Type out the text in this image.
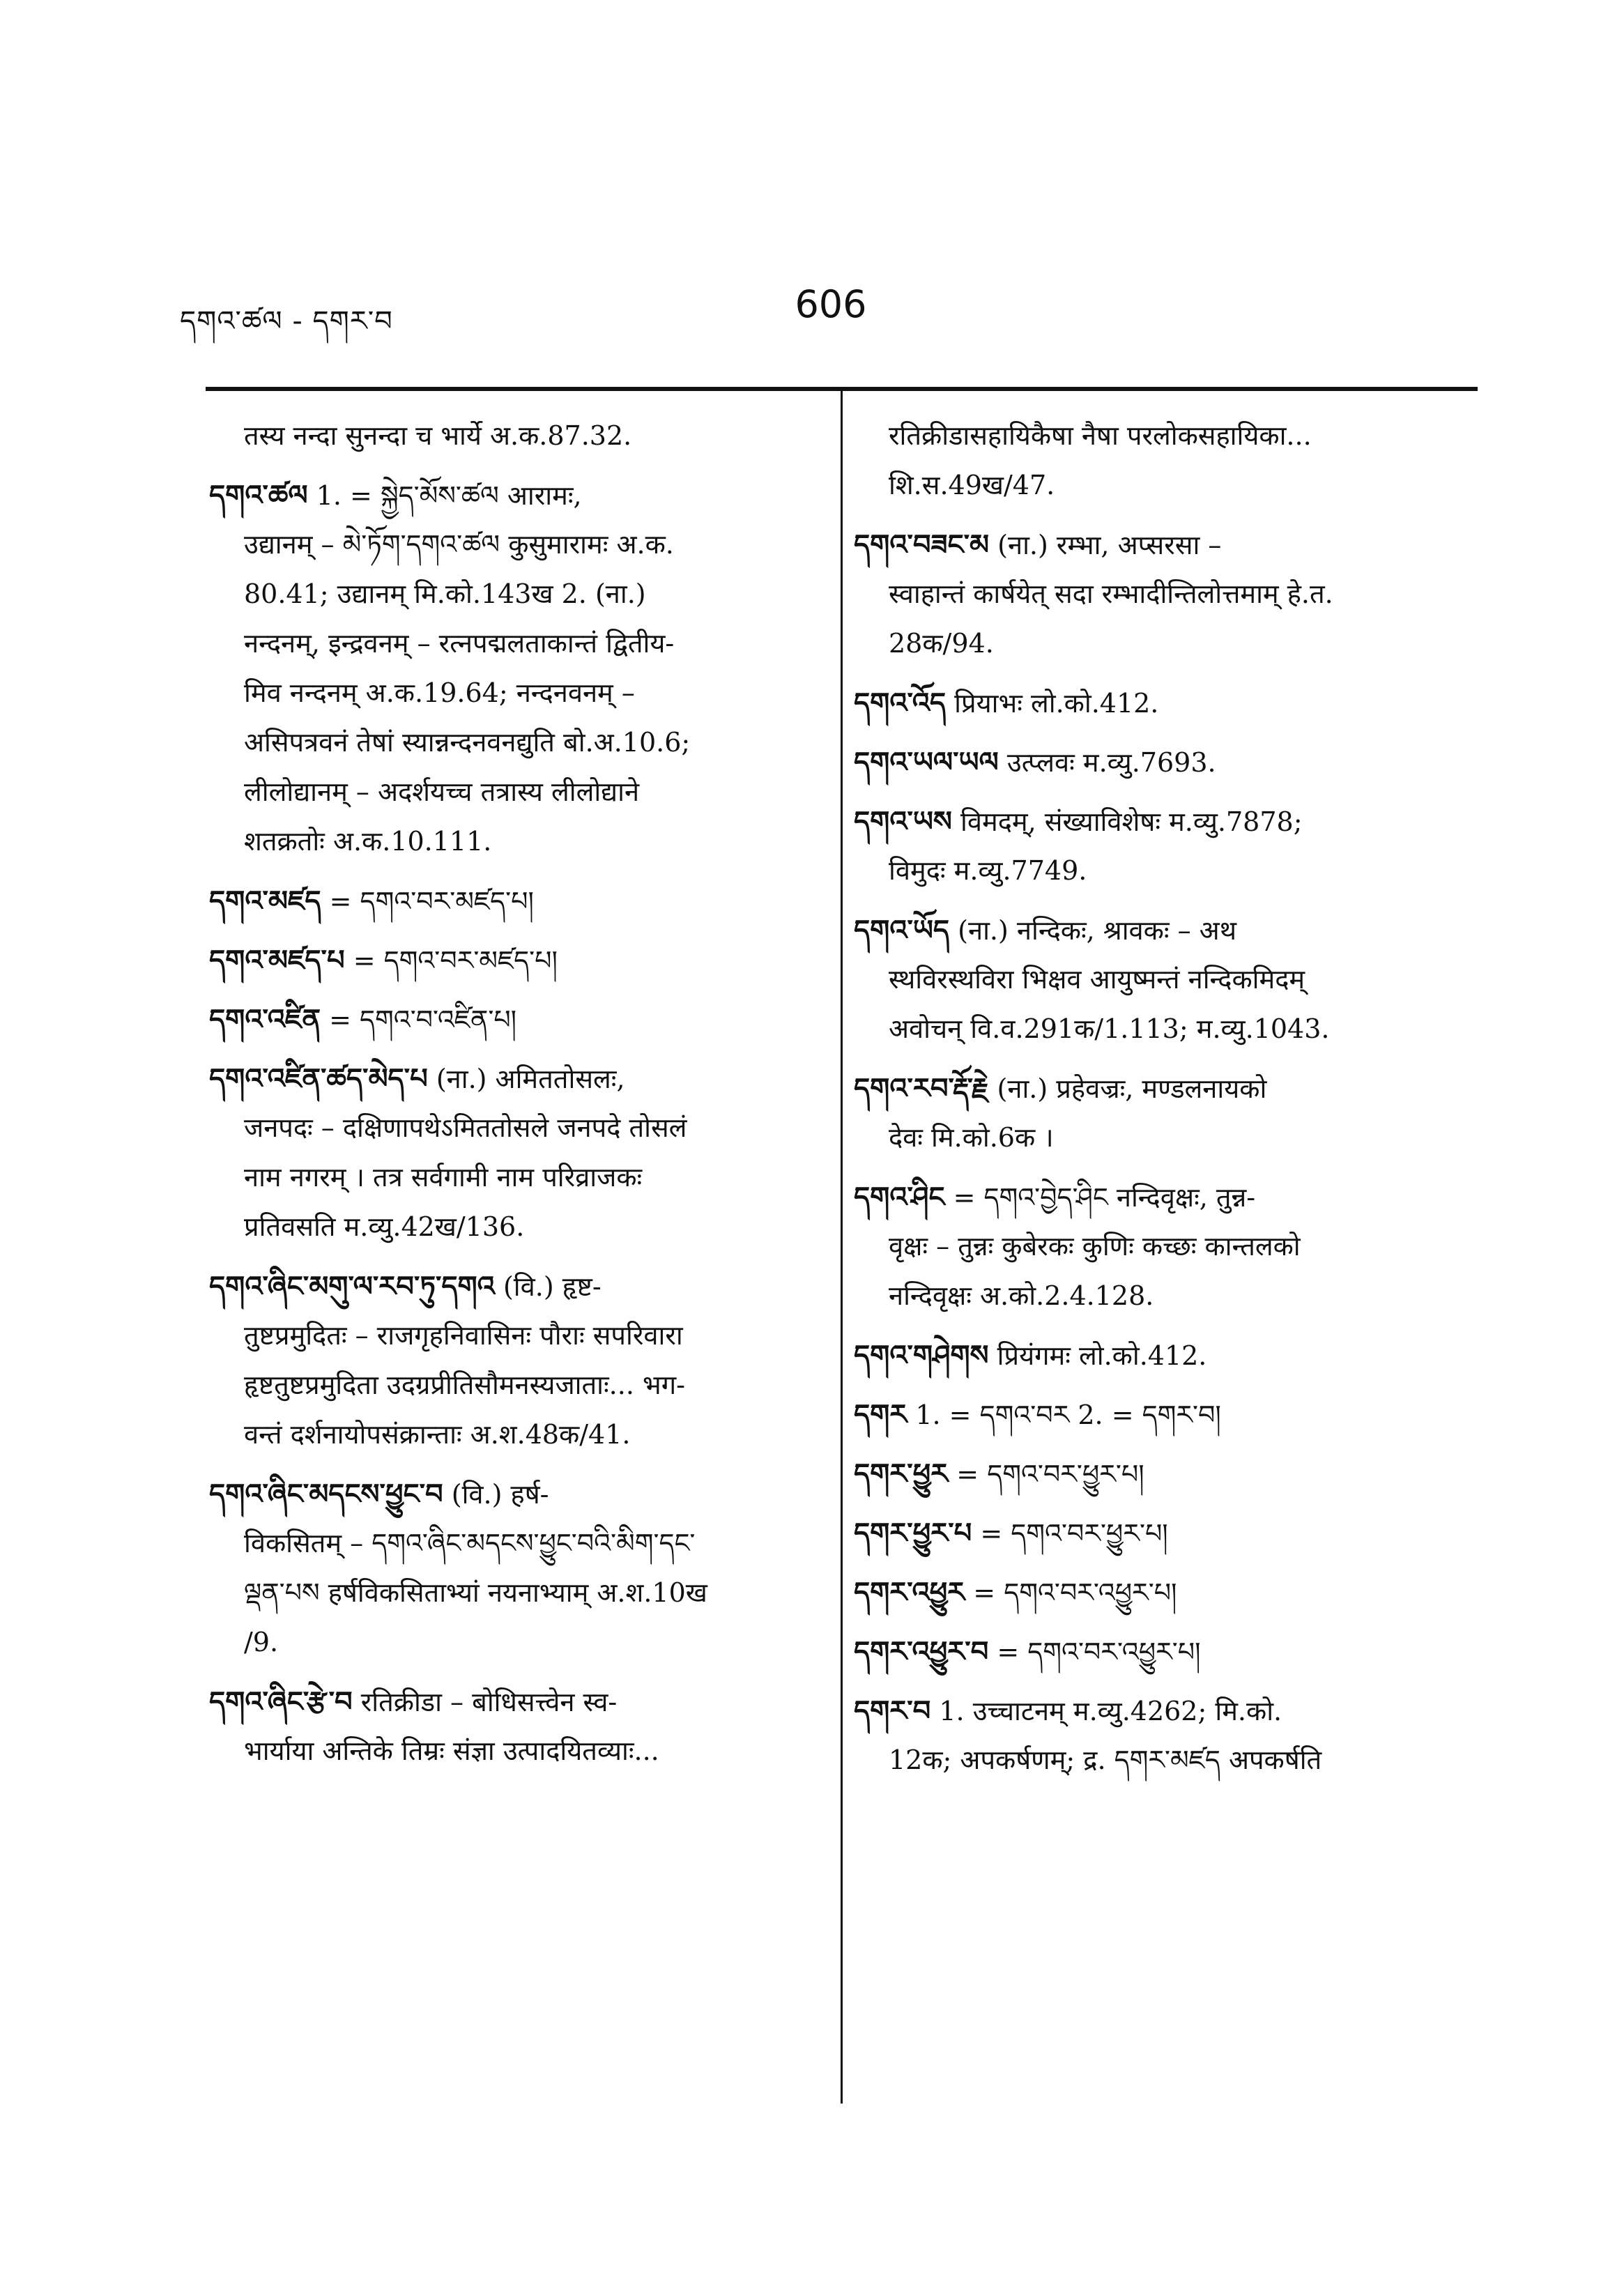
དགའ་ཚལ - དགར་བ	606
तस्य नन्दा सुनन्दा च भार्ये अ.क.87.32.
དགའ་ཚལ 1. = སྐྱེད་མོས་ཚལ आरामः,
उद्यानम् – མེ་ཏོག་དགའ་ཚལ कुसुमारामः अ.क.
80.41; उद्यानम् मि.को.143ख 2. (ना.)
नन्दनम्, इन्द्रवनम् – रत्नपद्मलताकान्तं द्वितीय-
मिव नन्दनम् अ.क.19.64; नन्दनवनम् –
असिपत्रवनं तेषां स्यान्नन्दनवनद्युति बो.अ.10.6;
लीलोद्यानम् – अदर्शयच्च तत्रास्य लीलोद्याने
शतक्रतोः अ.क.10.111.
དགའ་མཛད = དགའ་བར་མཛད་པ།
དགའ་མཛད་པ = དགའ་བར་མཛད་པ།
དགའ་འཛིན = དགའ་བ་འཛིན་པ།
དགའ་འཛིན་ཚད་མེད་པ (ना.) अमिततोसलः,
जनपदः – दक्षिणापथेऽमिततोसले जनपदे तोसलं
नाम नगरम् । तत्र सर्वगामी नाम परिव्राजकः
प्रतिवसति म.व्यु.42ख/136.
དགའ་ཞིང་མགུ་ལ་རབ་ཏུ་དགའ (वि.) हृष्ट-
तुष्टप्रमुदितः – राजगृहनिवासिनः पौराः सपरिवारा
हृष्टतुष्टप्रमुदिता उदग्रप्रीतिसौमनस्यजाताः... भग-
वन्तं दर्शनायोपसंक्रान्ताः अ.श.48क/41.
དགའ་ཞིང་མདངས་ཕྱུང་བ (वि.) हर्ष-
विकसितम् – དགའ་ཞིང་མདངས་ཕྱུང་བའི་མིག་དང་
ལྡན་པས हर्षविकसिताभ्यां नयनाभ्याम् अ.श.10ख
/9.
དགའ་ཞིང་རྩེ་བ रतिक्रीडा – बोधिसत्त्वेन स्व-
भार्याया अन्तिके तिम्रः संज्ञा उत्पादयितव्याः...
रतिक्रीडासहायिकैषा नैषा परलोकसहायिका...
शि.स.49ख/47.
དགའ་བཟང་མ (ना.) रम्भा, अप्सरसा –
स्वाहान्तं कार्षयेत् सदा रम्भादीन्तिलोत्तमाम् हे.त.
28क/94.
དགའ་འོད प्रियाभः लो.को.412.
དགའ་ཡལ་ཡལ उत्प्लवः म.व्यु.7693.
དགའ་ཡས विमदम्, संख्याविशेषः म.व्यु.7878;
विमुदः म.व्यु.7749.
དགའ་ཡོད (ना.) नन्दिकः, श्रावकः – अथ
स्थविरस्थविरा भिक्षव आयुष्मन्तं नन्दिकमिदम्
अवोचन् वि.व.291क/1.113; म.व्यु.1043.
དགའ་རབ་རྡོ་རྗེ (ना.) प्रहेवज्रः, मण्डलनायको
देवः मि.को.6क ।
དགའ་ཤིང = དགའ་བྱེད་ཤིང नन्दिवृक्षः, तुन्न-
वृक्षः – तुन्नः कुबेरकः कुणिः कच्छः कान्तलको
नन्दिवृक्षः अ.को.2.4.128.
དགའ་གཤེགས प्रियंगमः लो.को.412.
དགར 1. = དགའ་བར 2. = དགར་བ།
དགར་ཕྱུར = དགའ་བར་ཕྱུར་པ།
དགར་ཕྱུར་པ = དགའ་བར་ཕྱུར་པ།
དགར་འཕྱུར = དགའ་བར་འཕྱུར་པ།
དགར་འཕྱུར་བ = དགའ་བར་འཕྱུར་པ།
དགར་བ 1. उच्चाटनम् म.व्यु.4262; मि.को.
12क; अपकर्षणम्; द्र. དགར་མཛད अपकर्षति
